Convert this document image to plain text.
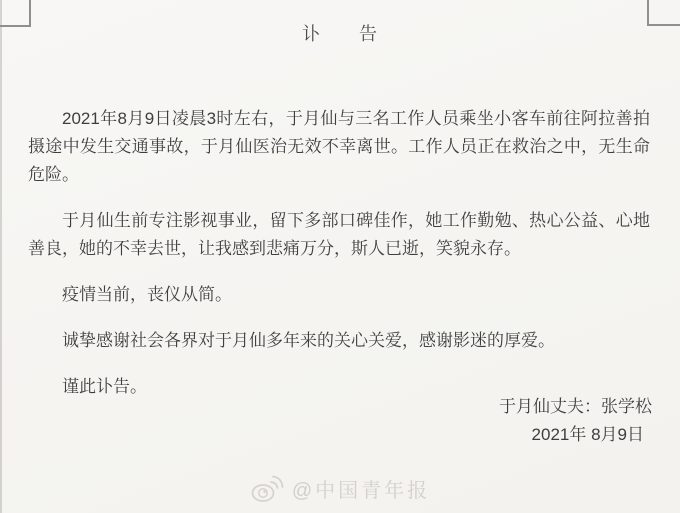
讣　　告

2021年8月9日凌晨3时左右，于月仙与三名工作人员乘坐小客车前往阿拉善拍摄途中发生交通事故，于月仙医治无效不幸离世。工作人员正在救治之中，无生命危险。

于月仙生前专注影视事业，留下多部口碑佳作，她工作勤勉、热心公益、心地善良，她的不幸去世，让我感到悲痛万分，斯人已逝，笑貌永存。

疫情当前，丧仪从简。

诚挚感谢社会各界对于月仙多年来的关心关爱，感谢影迷的厚爱。

谨此讣告。

于月仙丈夫：张学松
2021年 8月9日
@中国青年报
